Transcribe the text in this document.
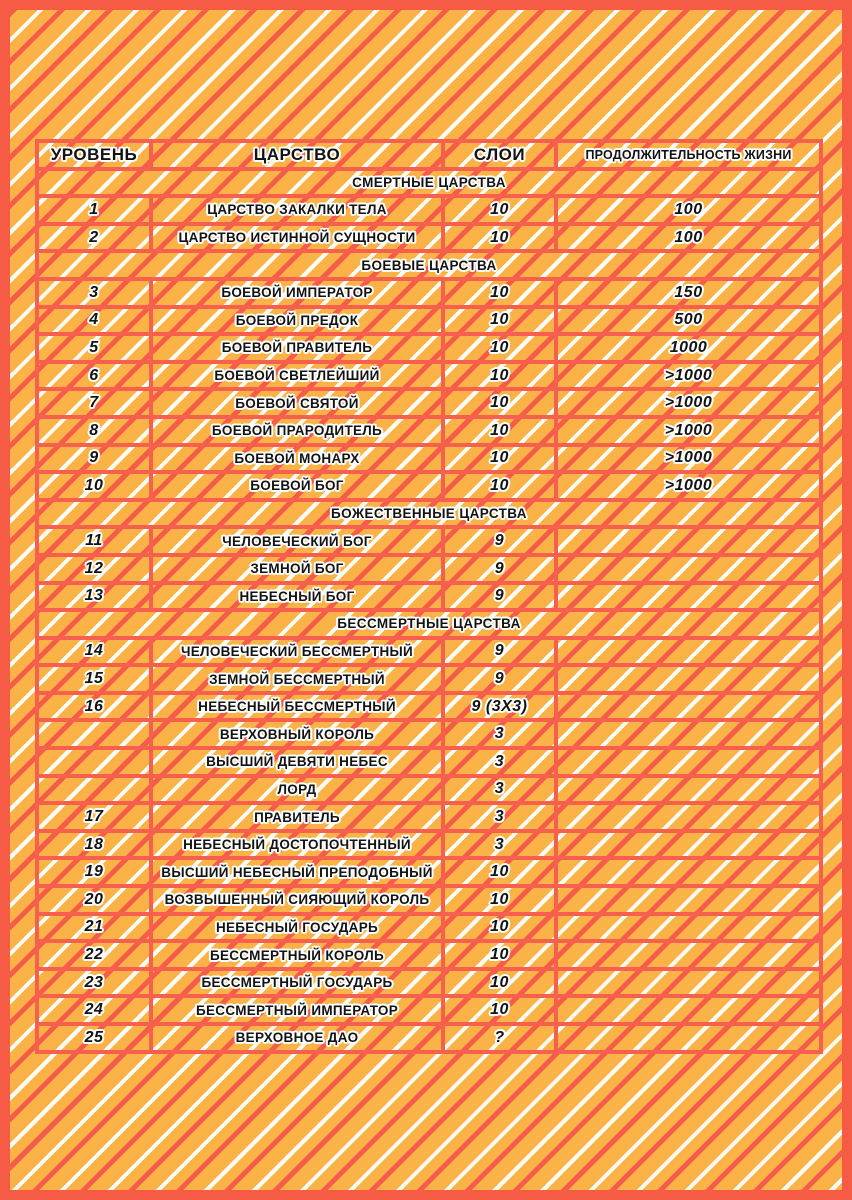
УРОВЕНЬ	ЦАРСТВО	СЛОИ	ПРОДОЛЖИТЕЛЬНОСТЬ ЖИЗНИ
СМЕРТНЫЕ ЦАРСТВА			
1	ЦАРСТВО ЗАКАЛКИ ТЕЛА	10	100
2	ЦАРСТВО ИСТИННОЙ СУЩНОСТИ	10	100
БОЕВЫЕ ЦАРСТВА			
3	БОЕВОЙ ИМПЕРАТОР	10	150
4	БОЕВОЙ ПРЕДОК	10	500
5	БОЕВОЙ ПРАВИТЕЛЬ	10	1000
6	БОЕВОЙ СВЕТЛЕЙШИЙ	10	>1000
7	БОЕВОЙ СВЯТОЙ	10	>1000
8	БОЕВОЙ ПРАРОДИТЕЛЬ	10	>1000
9	БОЕВОЙ МОНАРХ	10	>1000
10	БОЕВОЙ БОГ	10	>1000
БОЖЕСТВЕННЫЕ ЦАРСТВА			
11	ЧЕЛОВЕЧЕСКИЙ БОГ	9	
12	ЗЕМНОЙ БОГ	9	
13	НЕБЕСНЫЙ БОГ	9	
БЕССМЕРТНЫЕ ЦАРСТВА			
14	ЧЕЛОВЕЧЕСКИЙ БЕССМЕРТНЫЙ	9	
15	ЗЕМНОЙ БЕССМЕРТНЫЙ	9	
16	НЕБЕСНЫЙ БЕССМЕРТНЫЙ	9 (3X3)	
	ВЕРХОВНЫЙ КОРОЛЬ	3	
	ВЫСШИЙ ДЕВЯТИ НЕБЕС	3	
	ЛОРД	3	
17	ПРАВИТЕЛЬ	3	
18	НЕБЕСНЫЙ ДОСТОПОЧТЕННЫЙ	3	
19	ВЫСШИЙ НЕБЕСНЫЙ ПРЕПОДОБНЫЙ	10	
20	ВОЗВЫШЕННЫЙ СИЯЮЩИЙ КОРОЛЬ	10	
21	НЕБЕСНЫЙ ГОСУДАРЬ	10	
22	БЕССМЕРТНЫЙ КОРОЛЬ	10	
23	БЕССМЕРТНЫЙ ГОСУДАРЬ	10	
24	БЕССМЕРТНЫЙ ИМПЕРАТОР	10	
25	ВЕРХОВНОЕ ДАО	?	
